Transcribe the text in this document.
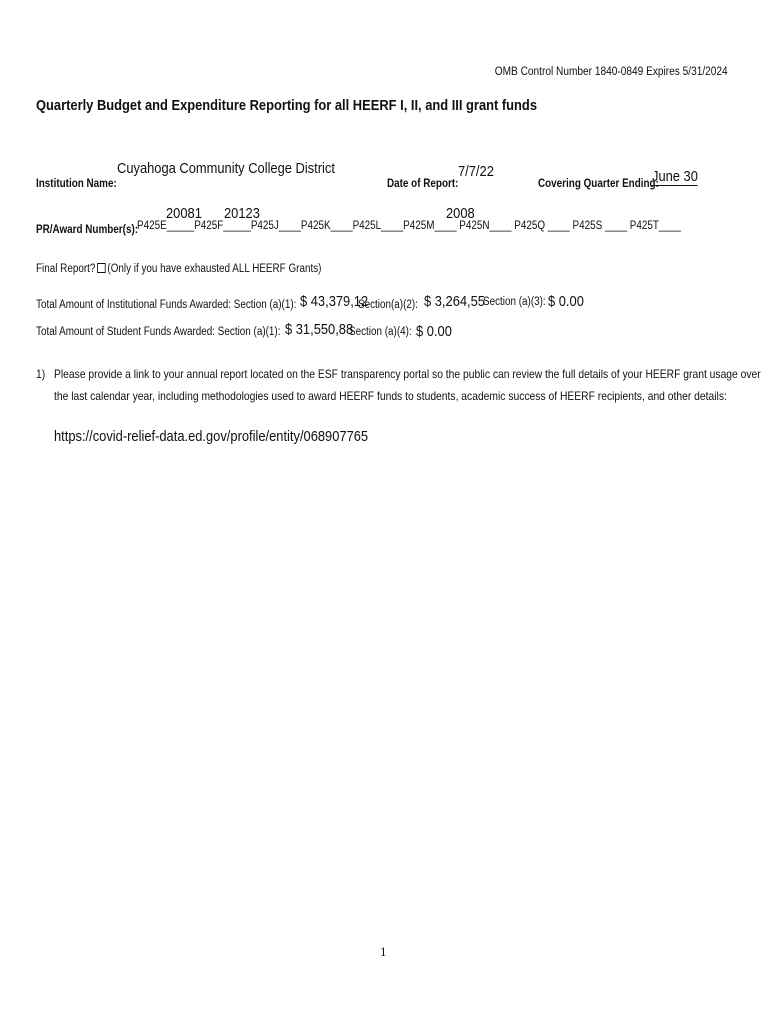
OMB Control Number 1840-0849 Expires 5/31/2024
Quarterly Budget and Expenditure Reporting for all HEERF I, II, and III grant funds
Cuyahoga Community College District
Institution Name:
7/7/22
Date of Report:	Covering Quarter Ending:
June 30
20081 20123	2008
PR/Award Number(s):
P425E_____P425F_____P425J____P425K____P425L____P425M____ P425N____ P425Q ____ P425S ____ P425T____
Final Report? (Only if you have exhausted ALL HEERF Grants)
Total Amount of Institutional Funds Awarded: Section (a)(1): $ 43,379,12
Section(a)(2): $ 3,264,55
Section (a)(3): $ 0.00
Total Amount of Student Funds Awarded: Section (a)(1): $ 31,550,88
Section (a)(4): $ 0.00
1) Please provide a link to your annual report located on the ESF transparency portal so the public can review the full details of your HEERF grant usage over
the last calendar year, including methodologies used to award HEERF funds to students, academic success of HEERF recipients, and other details:
https://covid-relief-data.ed.gov/profile/entity/068907765
1
